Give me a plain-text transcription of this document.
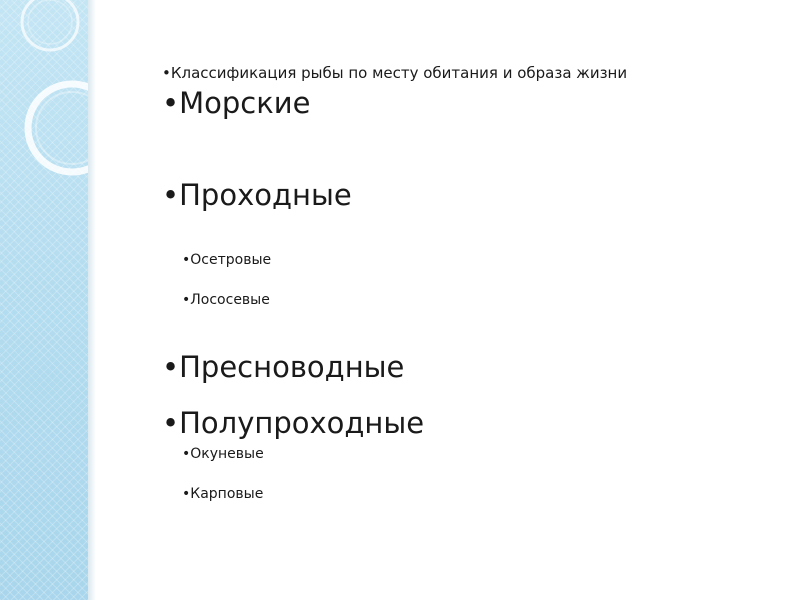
•Классификация рыбы по месту обитания и образа жизни
•Морские
•Проходные
•Осетровые
•Лососевые
•Пресноводные
•Полупроходные
•Окуневые
•Карповые
